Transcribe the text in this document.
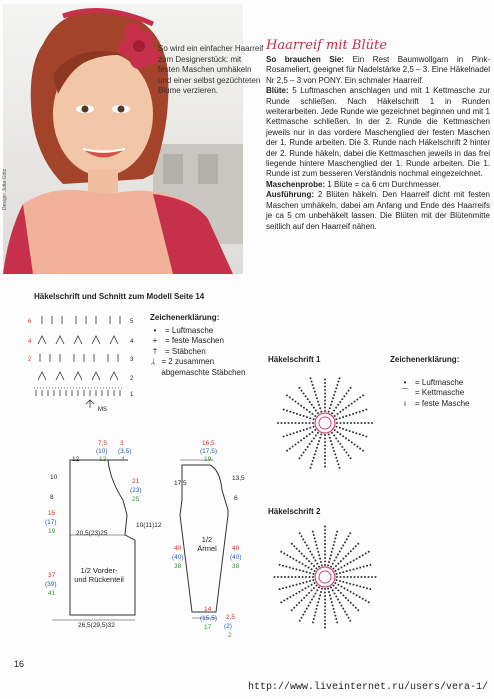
Design: Jutta Götz
So wird ein einfacher Haarreif zum Designerstück: mit festen Maschen umhäkeln und einer selbst gezüchteten Blume verzieren.
Haarreif mit Blüte

So brauchen Sie: Ein Rest Baumwollgarn in Pink-Rosameliert, geeignet für Nadelstärke 2,5 – 3. Eine Häkelnadel Nr 2,5 – 3 von PONY. Ein schmaler Haarreif.

Blüte: 5 Luftmaschen anschlagen und mit 1 Kettmasche zur Runde schließen. Nach Häkelschrift 1 in Runden weiterarbeiten. Jede Runde wie gezeichnet beginnen und mit 1 Kettmasche schließen. In der 2. Runde die Kettmaschen jeweils nur in das vordere Maschenglied der festen Maschen der 1. Runde arbeiten. Die 3. Runde nach Häkelschrift 2 hinter der 2. Runde häkeln, dabei die Kettmaschen jeweils in das frei liegende hintere Maschenglied der 1. Runde arbeiten. Die 1. Runde ist zum besseren Verständnis nochmal eingezeichnet.

Maschenprobe: 1 Blüte = ca 6 cm Durchmesser.

Ausführung: 2 Blüten häkeln. Den Haarreif dicht mit festen Maschen umhäkeln, dabei am Anfang und Ende des Haarreifs je ca 5 cm unbehäkelt lassen. Die Blüten mit der Blütenmitte seitlich auf den Haarreif nähen.

Häkelschrift und Schnitt zum Modell Seite 14
6
4
2
5
4
3
2
1
MS
Zeichenerklärung:
•	= Luftmasche
+ = feste Maschen
† = Stäbchen
ᛦ = 2 zusammen abgemaschte Stäbchen
7,5 3
(10) (3,5)
12 4
12
10
8
15
(17)
19
37
(39)
41
21
(23)
25
10(11)12
20,5(23)25
1/2 Vorder- und Rückenteil
26,5(29,5)32
16,5
(17,5)
19
13,5
17,5
6
40
(40)
38
40
(40)
38
1/2 Ärmel
14
(15,5)
17
2,5
(2)
2
Häkelschrift 1	Zeichenerklärung:
•	= Luftmasche
⌒ = Kettmasche
ı	= feste Masche
Häkelschrift 2
16
http://www.liveinternet.ru/users/vera-1/
